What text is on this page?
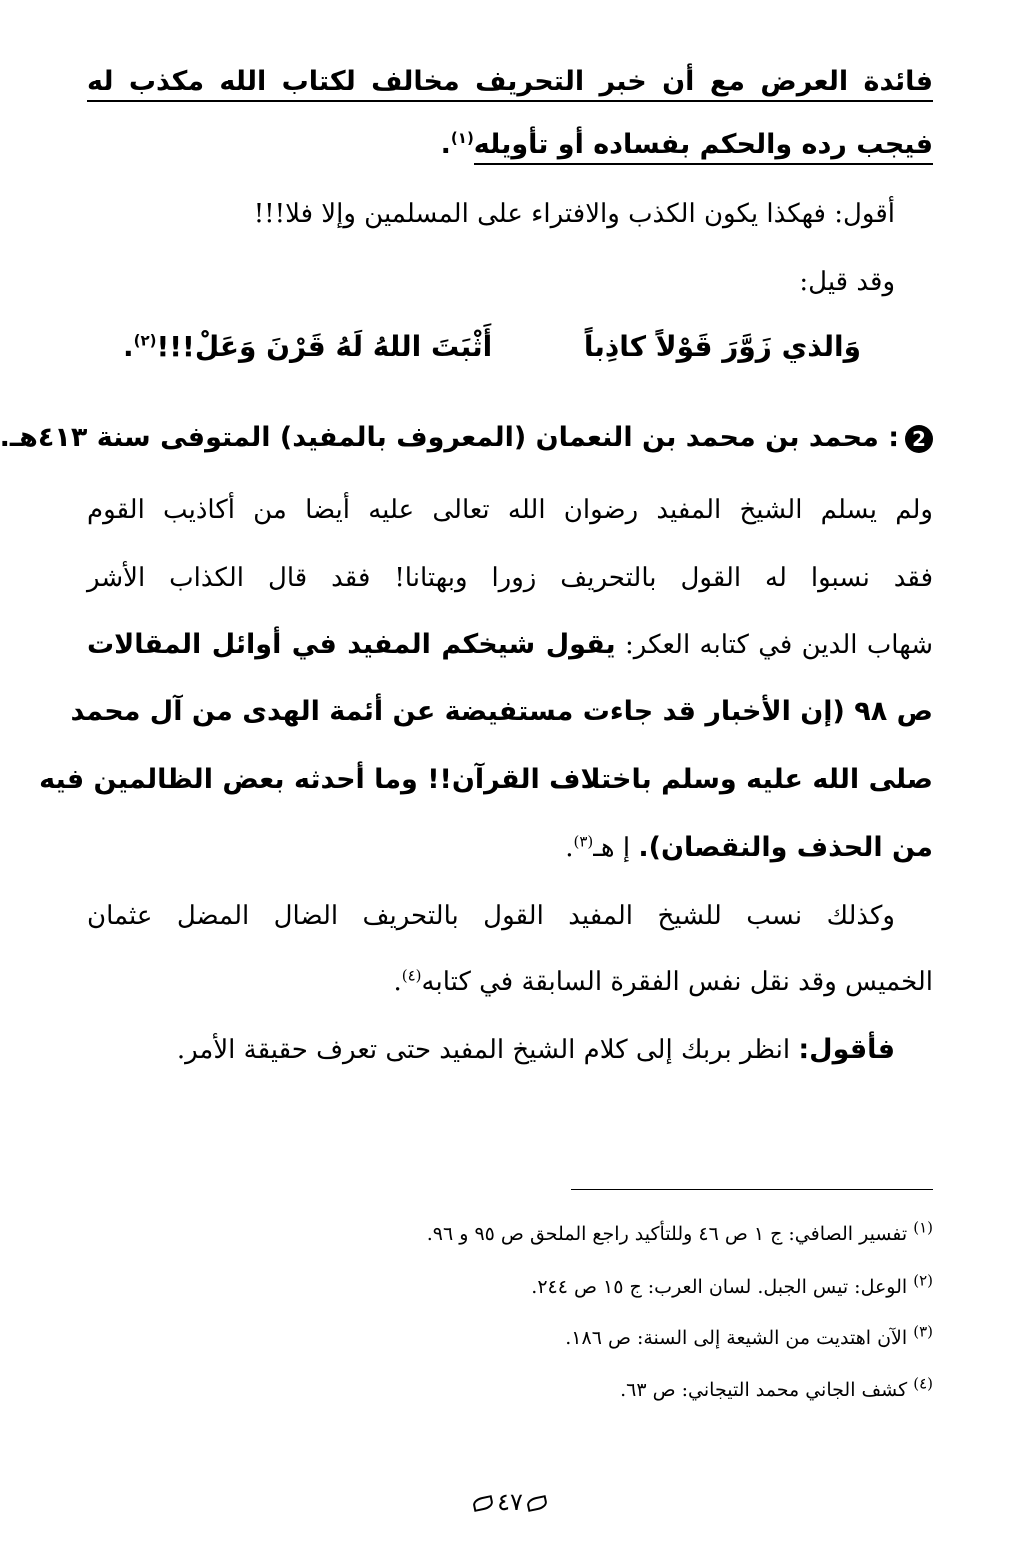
فائدة العرض مع أن خبر التحريف مخالف لكتاب الله مكذب له
فيجب رده والحكم بفساده أو تأويله$^{(١)}$.
أقول: فهكذا يكون الكذب والافتراء على المسلمين وإلا فلا!!!
وقد قيل:
وَالذي زَوَّرَ قَوْلاً كاذِباً
أَثْبَتَ اللهُ لَهُ قَرْنَ وَعَلْ!!!$^{(٢)}$.
2: محمد بن محمد بن النعمان (المعروف بالمفيد) المتوفى سنة ٤١٣هـ.
ولم يسلم الشيخ المفيد رضوان الله تعالى عليه أيضا من أكاذيب القوم
فقد نسبوا له القول بالتحريف زورا وبهتانا! فقد قال الكذاب الأشر
شهاب الدين في كتابه العكر: يقول شيخكم المفيد في أوائل المقالات
ص ٩٨ (إن الأخبار قد جاءت مستفيضة عن أئمة الهدى من آل محمد
صلى الله عليه وسلم باختلاف القرآن!! وما أحدثه بعض الظالمين فيه
من الحذف والنقصان). إ هـ$^{(٣)}$.
وكذلك نسب للشيخ المفيد القول بالتحريف الضال المضل عثمان
الخميس وقد نقل نفس الفقرة السابقة في كتابه$^{(٤)}$.
فأقول: انظر بربك إلى كلام الشيخ المفيد حتى تعرف حقيقة الأمر.
$^{(١)}$ تفسير الصافي: ج ١ ص ٤٦ وللتأكيد راجع الملحق ص ٩٥ و ٩٦.
$^{(٢)}$ الوعل: تيس الجبل. لسان العرب: ج ١٥ ص ٢٤٤.
$^{(٣)}$ الآن اهتديت من الشيعة إلى السنة: ص ١٨٦.
$^{(٤)}$ كشف الجاني محمد التيجاني: ص ٦٣.
٤٧
